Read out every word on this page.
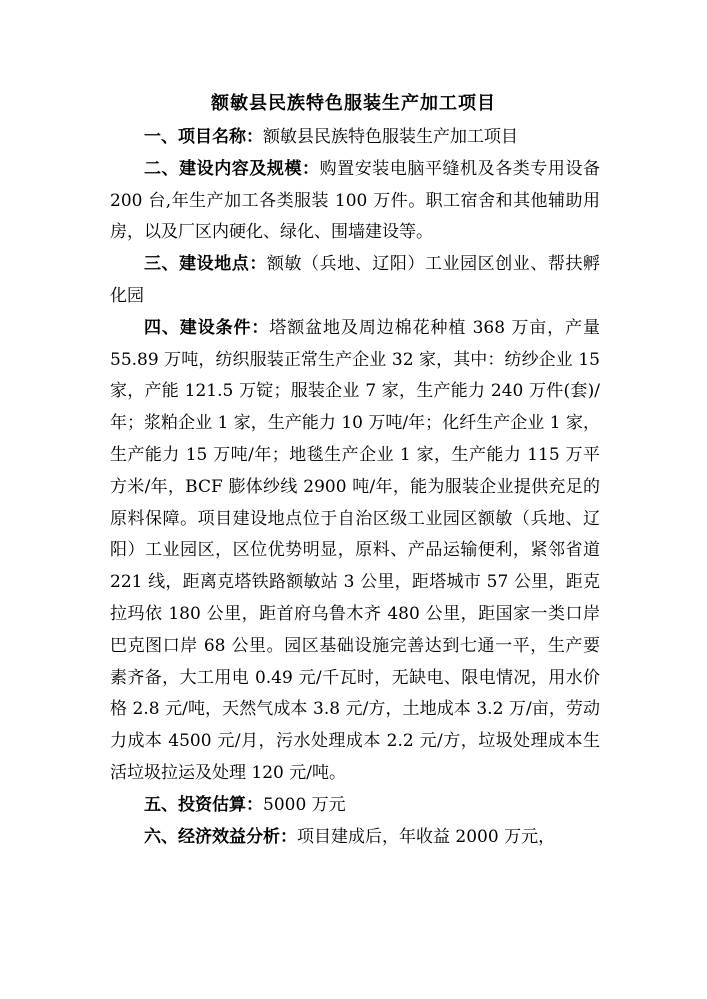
额敏县民族特色服装生产加工项目

一、项目名称：额敏县民族特色服装生产加工项目

二、建设内容及规模：购置安装电脑平缝机及各类专用设备 200 台,年生产加工各类服装 100 万件。职工宿舍和其他辅助用房，以及厂区内硬化、绿化、围墙建设等。

三、建设地点：额敏（兵地、辽阳）工业园区创业、帮扶孵化园

四、建设条件：塔额盆地及周边棉花种植 368 万亩，产量 55.89 万吨，纺织服装正常生产企业 32 家，其中：纺纱企业 15 家，产能 121.5 万锭；服装企业 7 家，生产能力 240 万件(套)/年；浆粕企业 1 家，生产能力 10 万吨/年；化纤生产企业 1 家，生产能力 15 万吨/年；地毯生产企业 1 家，生产能力 115 万平方米/年，BCF 膨体纱线 2900 吨/年，能为服装企业提供充足的原料保障。项目建设地点位于自治区级工业园区额敏（兵地、辽阳）工业园区，区位优势明显，原料、产品运输便利，紧邻省道 221 线，距离克塔铁路额敏站 3 公里，距塔城市 57 公里，距克拉玛依 180 公里，距首府乌鲁木齐 480 公里，距国家一类口岸巴克图口岸 68 公里。园区基础设施完善达到七通一平，生产要素齐备，大工用电 0.49 元/千瓦时，无缺电、限电情况，用水价格 2.8 元/吨，天然气成本 3.8 元/方，土地成本 3.2 万/亩，劳动力成本 4500 元/月，污水处理成本 2.2 元/方，垃圾处理成本生活垃圾拉运及处理 120 元/吨。

五、投资估算：5000 万元

六、经济效益分析：项目建成后，年收益 2000 万元，
